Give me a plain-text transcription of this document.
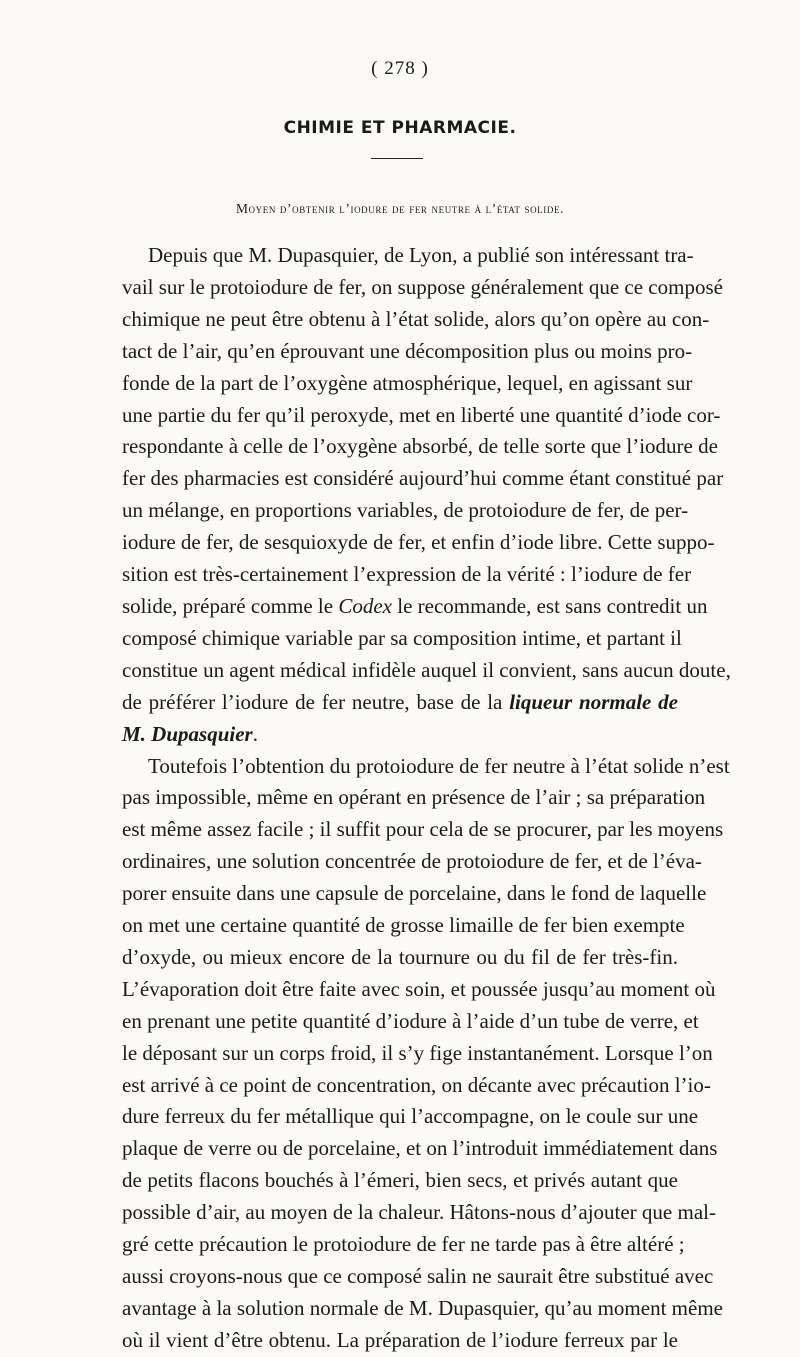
( 278 )
CHIMIE ET PHARMACIE.
Moyen d’obtenir l’iodure de fer neutre à l’état solide.
Depuis que M. Dupasquier, de Lyon, a publié son intéressant tra-
vail sur le protoiodure de fer, on suppose généralement que ce composé
chimique ne peut être obtenu à l’état solide, alors qu’on opère au con-
tact de l’air, qu’en éprouvant une décomposition plus ou moins pro-
fonde de la part de l’oxygène atmosphérique, lequel, en agissant sur
une partie du fer qu’il peroxyde, met en liberté une quantité d’iode cor-
respondante à celle de l’oxygène absorbé, de telle sorte que l’iodure de
fer des pharmacies est considéré aujourd’hui comme étant constitué par
un mélange, en proportions variables, de protoiodure de fer, de per-
iodure de fer, de sesquioxyde de fer, et enfin d’iode libre. Cette suppo-
sition est très-certainement l’expression de la vérité : l’iodure de fer
solide, préparé comme le Codex le recommande, est sans contredit un
composé chimique variable par sa composition intime, et partant il
constitue un agent médical infidèle auquel il convient, sans aucun doute,
de préférer l’iodure de fer neutre, base de la liqueur normale de
M. Dupasquier.
Toutefois l’obtention du protoiodure de fer neutre à l’état solide n’est
pas impossible, même en opérant en présence de l’air ; sa préparation
est même assez facile ; il suffit pour cela de se procurer, par les moyens
ordinaires, une solution concentrée de protoiodure de fer, et de l’éva-
porer ensuite dans une capsule de porcelaine, dans le fond de laquelle
on met une certaine quantité de grosse limaille de fer bien exempte
d’oxyde, ou mieux encore de la tournure ou du fil de fer très-fin.
L’évaporation doit être faite avec soin, et poussée jusqu’au moment où
en prenant une petite quantité d’iodure à l’aide d’un tube de verre, et
le déposant sur un corps froid, il s’y fige instantanément. Lorsque l’on
est arrivé à ce point de concentration, on décante avec précaution l’io-
dure ferreux du fer métallique qui l’accompagne, on le coule sur une
plaque de verre ou de porcelaine, et on l’introduit immédiatement dans
de petits flacons bouchés à l’émeri, bien secs, et privés autant que
possible d’air, au moyen de la chaleur. Hâtons-nous d’ajouter que mal-
gré cette précaution le protoiodure de fer ne tarde pas à être altéré ;
aussi croyons-nous que ce composé salin ne saurait être substitué avec
avantage à la solution normale de M. Dupasquier, qu’au moment même
où il vient d’être obtenu. La préparation de l’iodure ferreux par le
